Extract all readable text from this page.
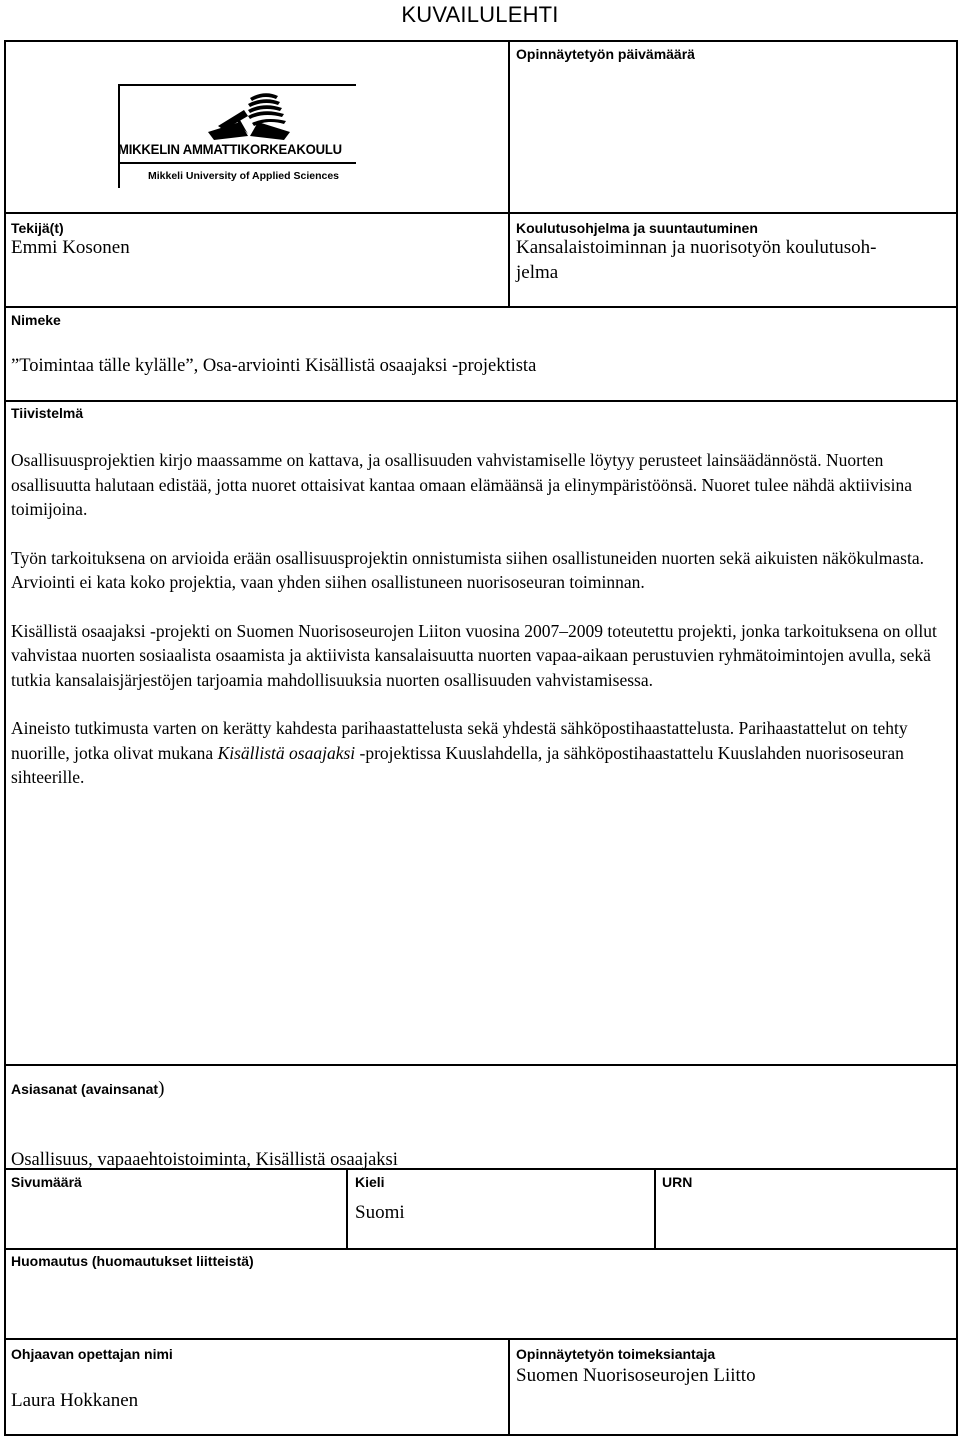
KUVAILULEHTI
Opinnäytetyön päivämäärä
MIKKELIN AMMATTIKORKEAKOULU
Mikkeli University of Applied Sciences
Tekijä(t)
Emmi Kosonen
Koulutusohjelma ja suuntautuminen
Kansalaistoiminnan ja nuorisotyön koulutusoh-
jelma
Nimeke
”Toimintaa tälle kylälle”, Osa-arviointi Kisällistä osaajaksi -projektista
Tiivistelmä

Osallisuusprojektien kirjo maassamme on kattava, ja osallisuuden vahvistamiselle löytyy perusteet lainsäädännöstä. Nuorten osallisuutta halutaan edistää, jotta nuoret ottaisivat kantaa omaan elämäänsä ja elinympäristöönsä. Nuoret tulee nähdä aktiivisina toimijoina.

Työn tarkoituksena on arvioida erään osallisuusprojektin onnistumista siihen osallistuneiden nuorten sekä aikuisten näkökulmasta. Arviointi ei kata koko projektia, vaan yhden siihen osallistuneen nuorisoseuran toiminnan.

Kisällistä osaajaksi -projekti on Suomen Nuorisoseurojen Liiton vuosina 2007–2009 toteutettu projekti, jonka tarkoituksena on ollut vahvistaa nuorten sosiaalista osaamista ja aktiivista kansalaisuutta nuorten vapaa-aikaan perustuvien ryhmätoimintojen avulla, sekä tutkia kansalaisjärjestöjen tarjoamia mahdollisuuksia nuorten osallisuuden vahvistamisessa.

Aineisto tutkimusta varten on kerätty kahdesta parihaastattelusta sekä yhdestä sähköpostihaastattelusta. Parihaastattelut on tehty nuorille, jotka olivat mukana Kisällistä osaajaksi -projektissa Kuuslahdella, ja sähköpostihaastattelu Kuuslahden nuorisoseuran sihteerille.

Asiasanat (avainsanat)
Osallisuus, vapaaehtoistoiminta, Kisällistä osaajaksi
Sivumäärä	Kieli
Suomi
URN
Huomautus (huomautukset liitteistä)
Ohjaavan opettajan nimi
Laura Hokkanen
Opinnäytetyön toimeksiantaja
Suomen Nuorisoseurojen Liitto
